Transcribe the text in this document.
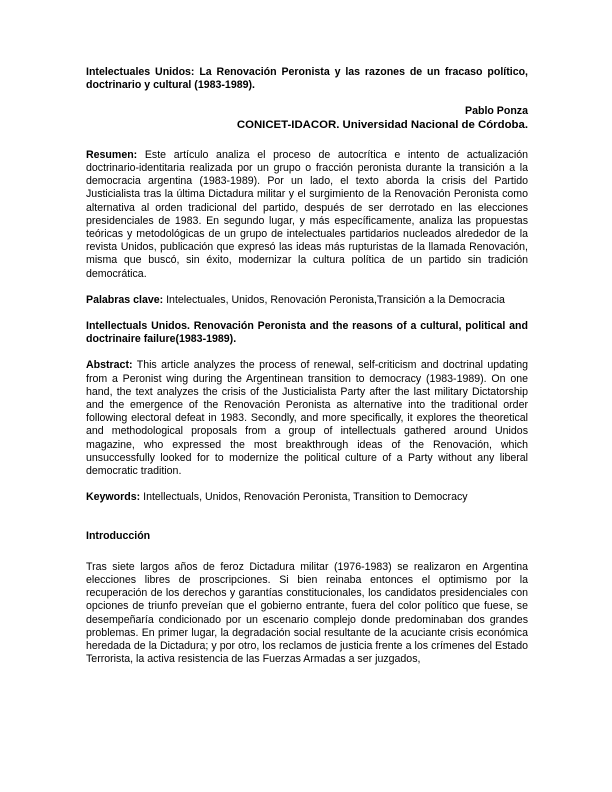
Intelectuales Unidos: La Renovación Peronista y las razones de un fracaso político, doctrinario y cultural (1983-1989).

Pablo Ponza

CONICET-IDACOR. Universidad Nacional de Córdoba.

Resumen: Este artículo analiza el proceso de autocrítica e intento de actualización doctrinario-identitaria realizada por un grupo o fracción peronista durante la transición a la democracia argentina (1983-1989). Por un lado, el texto aborda la crisis del Partido Justicialista tras la última Dictadura militar y el surgimiento de la Renovación Peronista como alternativa al orden tradicional del partido, después de ser derrotado en las elecciones presidenciales de 1983. En segundo lugar, y más específicamente, analiza las propuestas teóricas y metodológicas de un grupo de intelectuales partidarios nucleados alrededor de la revista Unidos, publicación que expresó las ideas más rupturistas de la llamada Renovación, misma que buscó, sin éxito, modernizar la cultura política de un partido sin tradición democrática.

Palabras clave: Intelectuales, Unidos, Renovación Peronista,Transición a la Democracia

Intellectuals Unidos. Renovación Peronista and the reasons of a cultural, political and doctrinaire failure(1983-1989).

Abstract: This article analyzes the process of renewal, self-criticism and doctrinal updating from a Peronist wing during the Argentinean transition to democracy (1983-1989). On one hand, the text analyzes the crisis of the Justicialista Party after the last military Dictatorship and the emergence of the Renovación Peronista as alternative into the traditional order following electoral defeat in 1983. Secondly, and more specifically, it explores the theoretical and methodological proposals from a group of intellectuals gathered around Unidos magazine, who expressed the most breakthrough ideas of the Renovación, which unsuccessfully looked for to modernize the political culture of a Party without any liberal democratic tradition.

Keywords: Intellectuals, Unidos, Renovación Peronista, Transition to Democracy

Introducción

Tras siete largos años de feroz Dictadura militar (1976-1983) se realizaron en Argentina elecciones libres de proscripciones. Si bien reinaba entonces el optimismo por la recuperación de los derechos y garantías constitucionales, los candidatos presidenciales con opciones de triunfo preveían que el gobierno entrante, fuera del color político que fuese, se desempeñaría condicionado por un escenario complejo donde predominaban dos grandes problemas. En primer lugar, la degradación social resultante de la acuciante crisis económica heredada de la Dictadura; y por otro, los reclamos de justicia frente a los crímenes del Estado Terrorista, la activa resistencia de las Fuerzas Armadas a ser juzgados,
